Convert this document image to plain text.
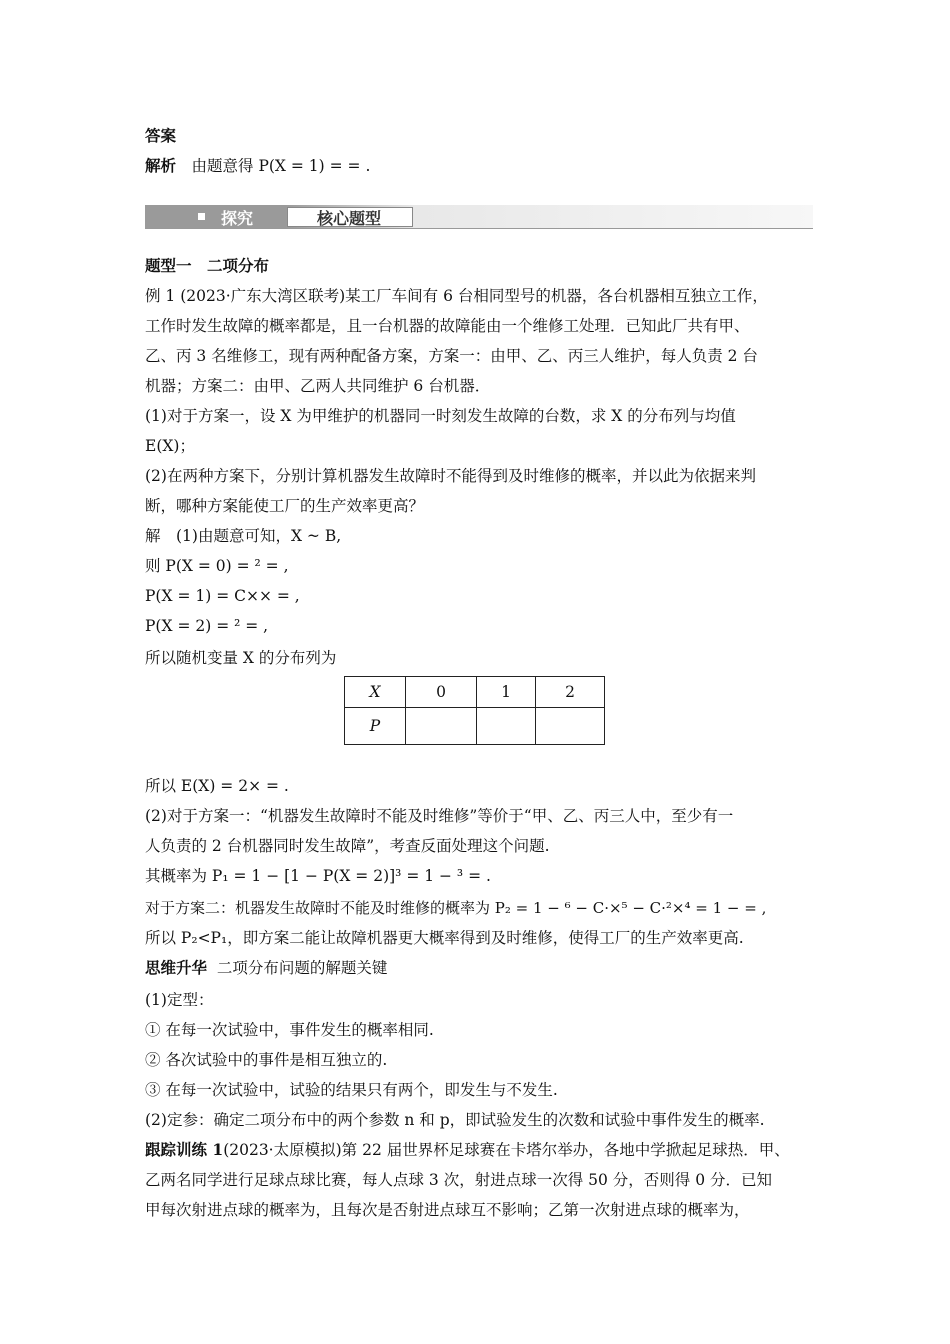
答案
解析　 由题意得 P(X = 1) = = .
探究	核心题型
题型一　二项分布
例 1 (2023·广东大湾区联考)某工厂车间有 6 台相同型号的机器，各台机器相互独立工作，
工作时发生故障的概率都是，且一台机器的故障能由一个维修工处理．已知此厂共有甲、
乙、丙 3 名维修工，现有两种配备方案，方案一：由甲、乙、丙三人维护，每人负责 2 台
机器；方案二：由甲、乙两人共同维护 6 台机器．
(1)对于方案一，设 X 为甲维护的机器同一时刻发生故障的台数，求 X 的分布列与均值
E(X)；
(2)在两种方案下，分别计算机器发生故障时不能得到及时维修的概率，并以此为依据来判
断，哪种方案能使工厂的生产效率更高？
解　(1)由题意可知，X ~ B,
则 P(X = 0) = ² = ,
P(X = 1) = C×× = ,
P(X = 2) = ² = ,
所以随机变量 X 的分布列为
X	0	1	2
P			
所以 E(X) = 2× = .
(2)对于方案一：“机器发生故障时不能及时维修”等价于“甲、乙、丙三人中，至少有一
人负责的 2 台机器同时发生故障”，考查反面处理这个问题.
其概率为 P₁ = 1 − [1 − P(X = 2)]³ = 1 − ³ = .
对于方案二：机器发生故障时不能及时维修的概率为 P₂ = 1 − ⁶ − C·×⁵ − C·²×⁴ = 1 − = ,
所以 P₂<P₁，即方案二能让故障机器更大概率得到及时维修，使得工厂的生产效率更高.
思维升华 二项分布问题的解题关键
(1)定型：
① 在每一次试验中，事件发生的概率相同.
② 各次试验中的事件是相互独立的.
③ 在每一次试验中，试验的结果只有两个，即发生与不发生.
(2)定参：确定二项分布中的两个参数 n 和 p，即试验发生的次数和试验中事件发生的概率.
跟踪训练 1(2023·太原模拟)第 22 届世界杯足球赛在卡塔尔举办，各地中学掀起足球热．甲、
乙两名同学进行足球点球比赛，每人点球 3 次，射进点球一次得 50 分，否则得 0 分．已知
甲每次射进点球的概率为，且每次是否射进点球互不影响；乙第一次射进点球的概率为，
